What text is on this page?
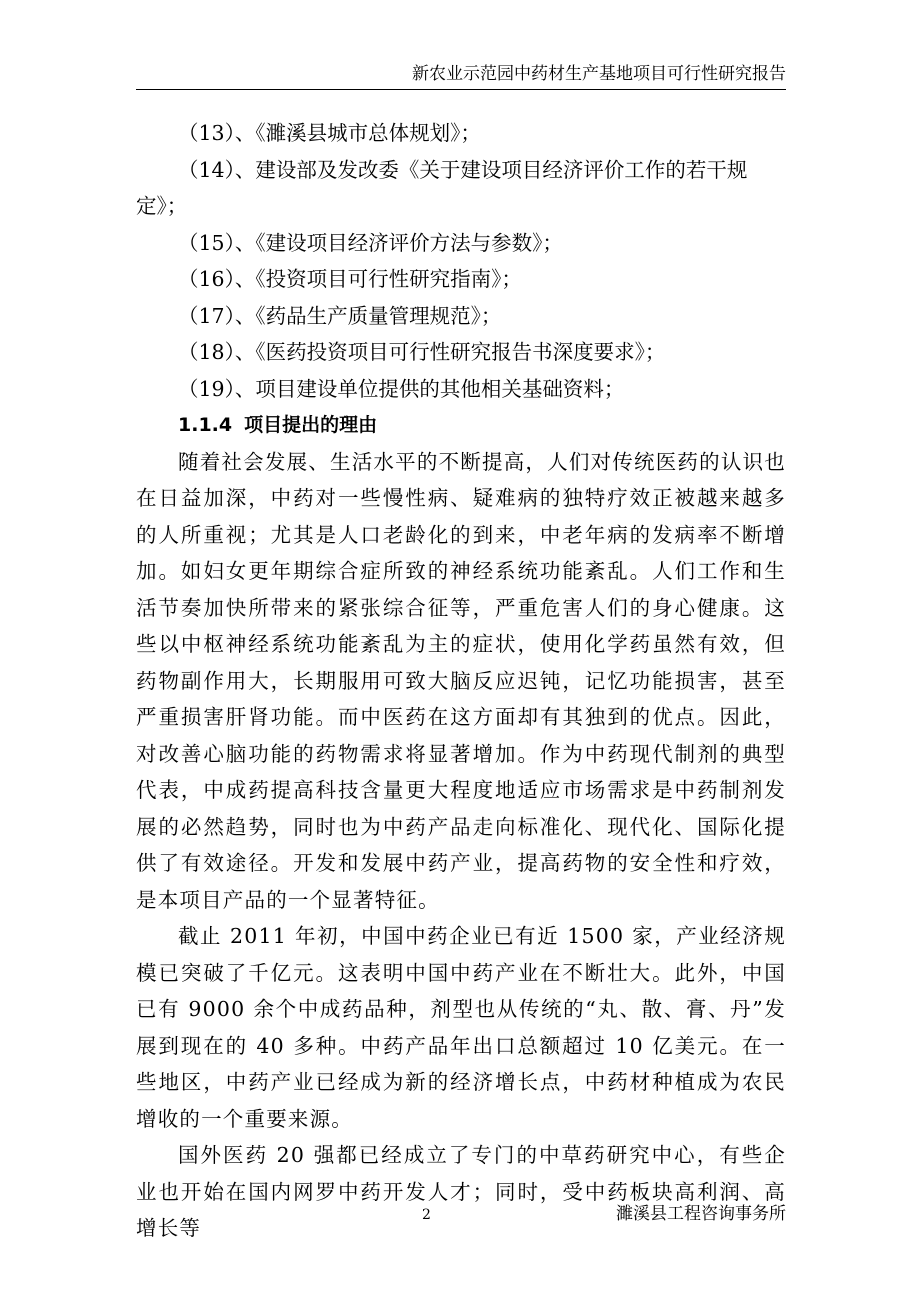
新农业示范园中药材生产基地项目可行性研究报告

（13）、《濉溪县城市总体规划》；

（14）、建设部及发改委《关于建设项目经济评价工作的若干规定》；

（15）、《建设项目经济评价方法与参数》；

（16）、《投资项目可行性研究指南》；

（17）、《药品生产质量管理规范》；

（18）、《医药投资项目可行性研究报告书深度要求》；

（19）、项目建设单位提供的其他相关基础资料；

1.1.4 项目提出的理由

随着社会发展、生活水平的不断提高，人们对传统医药的认识也在日益加深，中药对一些慢性病、疑难病的独特疗效正被越来越多的人所重视；尤其是人口老龄化的到来，中老年病的发病率不断增加。如妇女更年期综合症所致的神经系统功能紊乱。人们工作和生活节奏加快所带来的紧张综合征等，严重危害人们的身心健康。这些以中枢神经系统功能紊乱为主的症状，使用化学药虽然有效，但药物副作用大，长期服用可致大脑反应迟钝，记忆功能损害，甚至严重损害肝肾功能。而中医药在这方面却有其独到的优点。因此，对改善心脑功能的药物需求将显著增加。作为中药现代制剂的典型代表，中成药提高科技含量更大程度地适应市场需求是中药制剂发展的必然趋势，同时也为中药产品走向标准化、现代化、国际化提供了有效途径。开发和发展中药产业，提高药物的安全性和疗效，是本项目产品的一个显著特征。

截止 2011 年初，中国中药企业已有近 1500 家，产业经济规模已突破了千亿元。这表明中国中药产业在不断壮大。此外，中国已有 9000 余个中成药品种，剂型也从传统的“丸、散、膏、丹”发展到现在的 40 多种。中药产品年出口总额超过 10 亿美元。在一些地区，中药产业已经成为新的经济增长点，中药材种植成为农民增收的一个重要来源。

国外医药 20 强都已经成立了专门的中草药研究中心，有些企业也开始在国内网罗中药开发人才；同时，受中药板块高利润、高增长等

2	濉溪县工程咨询事务所
